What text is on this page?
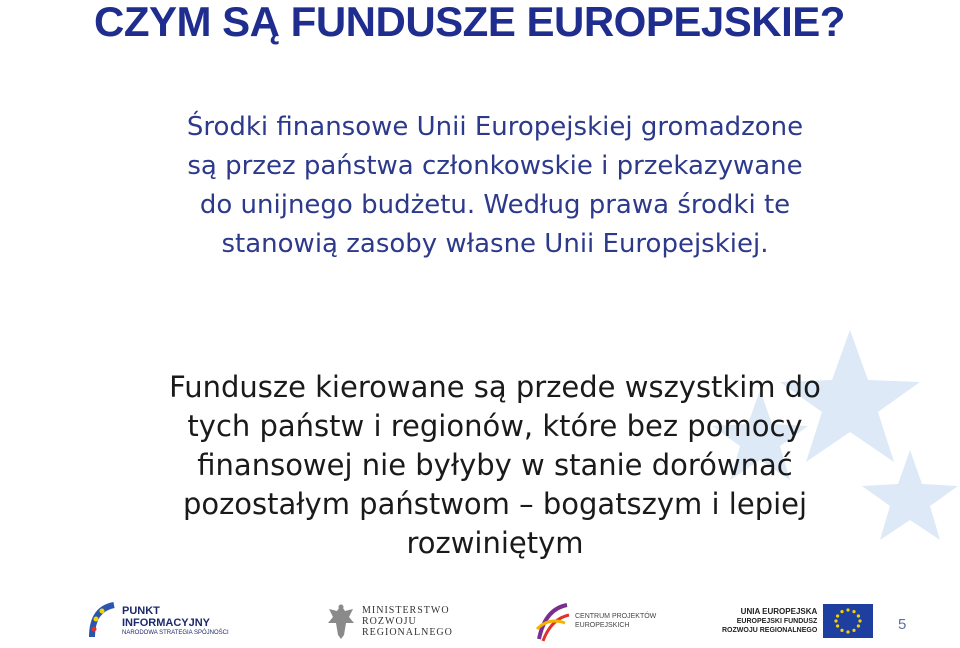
CZYM SĄ FUNDUSZE EUROPEJSKIE?
Środki finansowe Unii Europejskiej gromadzone
są przez państwa członkowskie i przekazywane
do unijnego budżetu. Według prawa środki te
stanowią zasoby własne Unii Europejskiej.
Fundusze kierowane są przede wszystkim do
tych państw i regionów, które bez pomocy
finansowej nie byłyby w stanie dorównać
pozostałym państwom – bogatszym i lepiej
rozwiniętym
PUNKT
INFORMACYJNY
NARODOWA STRATEGIA SPÓJNOŚCI
MINISTERSTWO
ROZWOJU
REGIONALNEGO
CENTRUM PROJEKTÓW
EUROPEJSKICH
UNIA EUROPEJSKA
EUROPEJSKI FUNDUSZ
ROZWOJU REGIONALNEGO	5
